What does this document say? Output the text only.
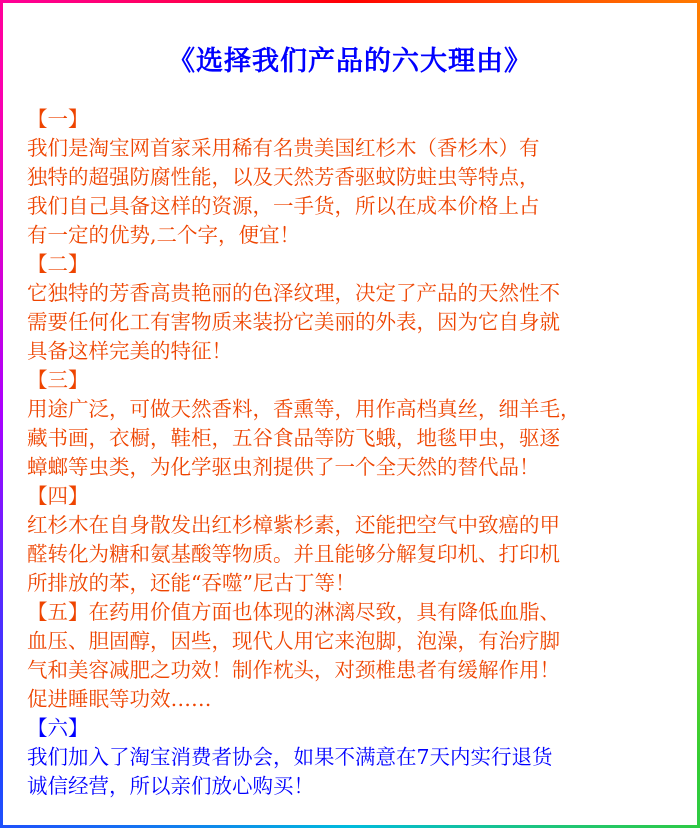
《选择我们产品的六大理由》
【一】
我们是淘宝网首家采用稀有名贵美国红杉木（香杉木）有
独特的超强防腐性能，以及天然芳香驱蚊防蛀虫等特点，
我们自己具备这样的资源，一手货，所以在成本价格上占
有一定的优势,二个字，便宜！
【二】
它独特的芳香高贵艳丽的色泽纹理，决定了产品的天然性不
需要任何化工有害物质来装扮它美丽的外表，因为它自身就
具备这样完美的特征！
【三】
用途广泛，可做天然香料，香熏等，用作高档真丝，细羊毛，
藏书画，衣橱，鞋柜，五谷食品等防飞蛾，地毯甲虫，驱逐
蟑螂等虫类，为化学驱虫剂提供了一个全天然的替代品！
【四】
红杉木在自身散发出红杉樟紫杉素，还能把空气中致癌的甲
醛转化为糖和氨基酸等物质。并且能够分解复印机、打印机
所排放的苯，还能“吞噬”尼古丁等！
【五】在药用价值方面也体现的淋漓尽致，具有降低血脂、
血压、胆固醇，因些，现代人用它来泡脚，泡澡，有治疗脚
气和美容减肥之功效！制作枕头，对颈椎患者有缓解作用！
促进睡眠等功效……
【六】
我们加入了淘宝消费者协会，如果不满意在7天内实行退货
诚信经营，所以亲们放心购买！
